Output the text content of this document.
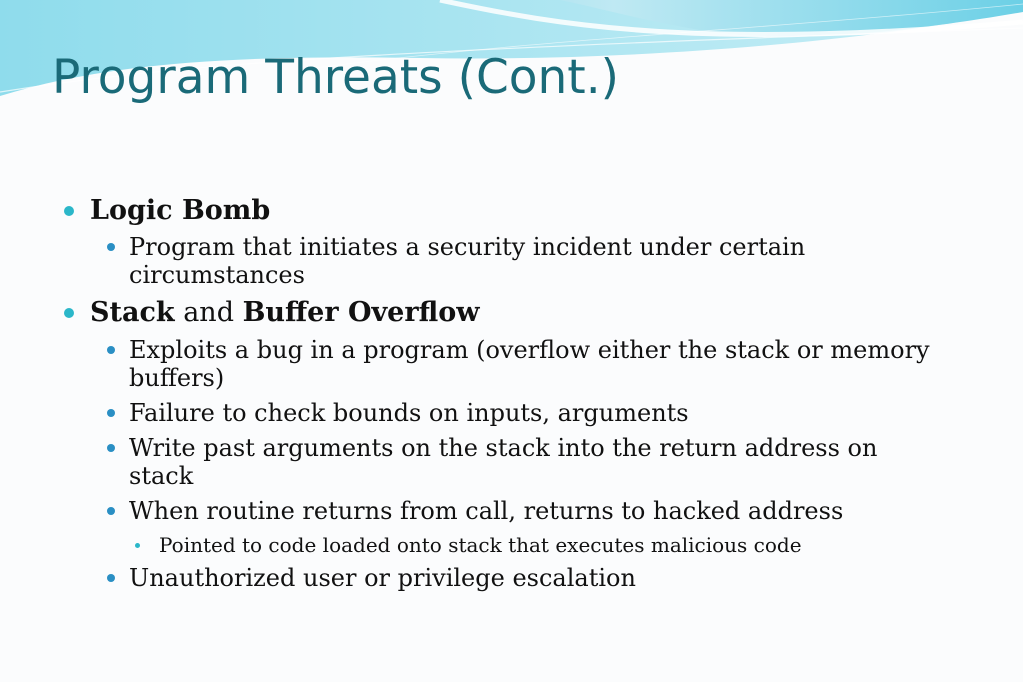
Program Threats (Cont.)
Logic Bomb
Program that initiates a security incident under certain
circumstances
Stack and Buffer Overflow
Exploits a bug in a program (overflow either the stack or memory
buffers)
Failure to check bounds on inputs, arguments
Write past arguments on the stack into the return address on
stack
When routine returns from call, returns to hacked address
Pointed to code loaded onto stack that executes malicious code
Unauthorized user or privilege escalation
